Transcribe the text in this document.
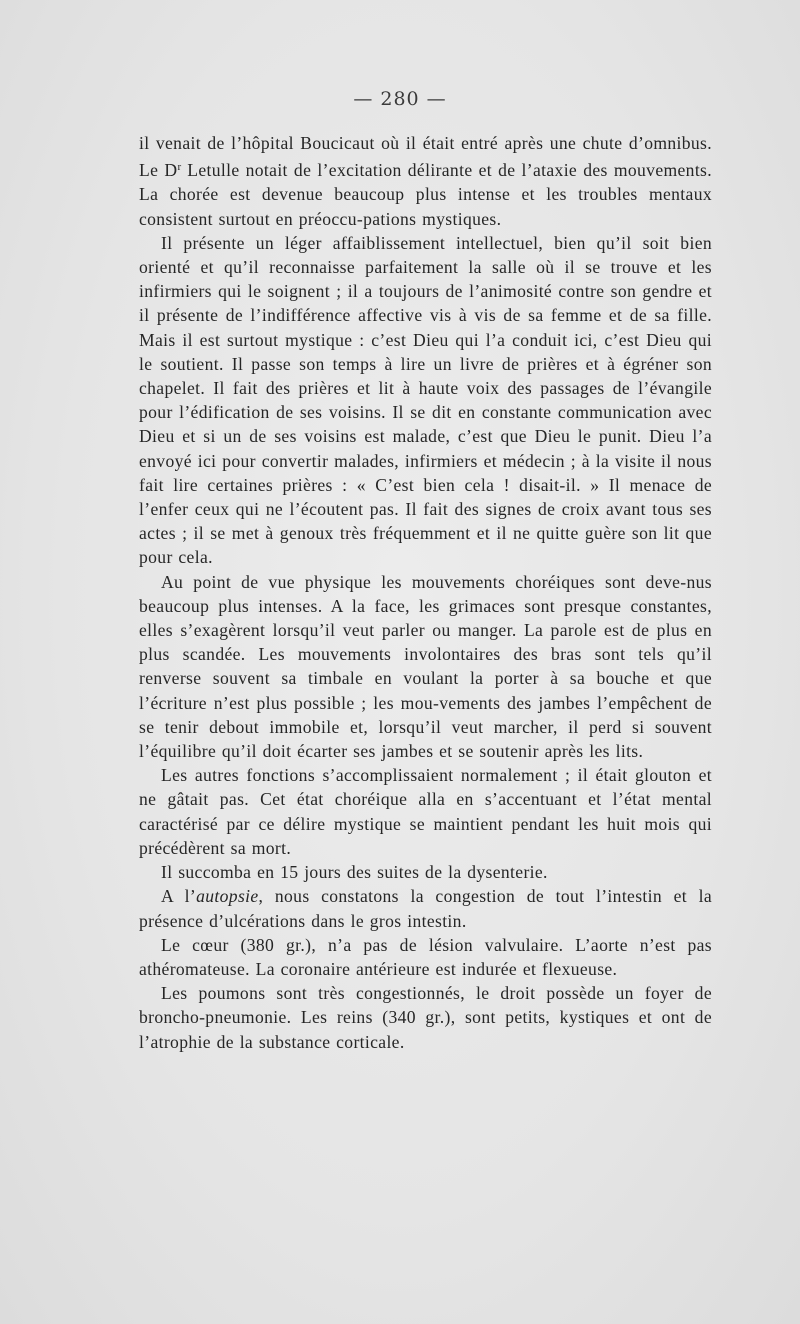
— 280 —

il venait de l’hôpital Boucicaut où il était entré après une chute d’omnibus. Le $D^r$ Letulle notait de l’excitation délirante et de l’ataxie des mouvements. La chorée est devenue beaucoup plus intense et les troubles mentaux consistent surtout en préoccu-pations mystiques.

Il présente un léger affaiblissement intellectuel, bien qu’il soit bien orienté et qu’il reconnaisse parfaitement la salle où il se trouve et les infirmiers qui le soignent ; il a toujours de l’animosité contre son gendre et il présente de l’indifférence affective vis à vis de sa femme et de sa fille. Mais il est surtout mystique : c’est Dieu qui l’a conduit ici, c’est Dieu qui le soutient. Il passe son temps à lire un livre de prières et à égréner son chapelet. Il fait des prières et lit à haute voix des passages de l’évangile pour l’édification de ses voisins. Il se dit en constante communication avec Dieu et si un de ses voisins est malade, c’est que Dieu le punit. Dieu l’a envoyé ici pour convertir malades, infirmiers et médecin ; à la visite il nous fait lire certaines prières : « C’est bien cela ! disait-il. » Il menace de l’enfer ceux qui ne l’écoutent pas. Il fait des signes de croix avant tous ses actes ; il se met à genoux très fréquemment et il ne quitte guère son lit que pour cela.

Au point de vue physique les mouvements choréiques sont deve-nus beaucoup plus intenses. A la face, les grimaces sont presque constantes, elles s’exagèrent lorsqu’il veut parler ou manger. La parole est de plus en plus scandée. Les mouvements involontaires des bras sont tels qu’il renverse souvent sa timbale en voulant la porter à sa bouche et que l’écriture n’est plus possible ; les mou-vements des jambes l’empêchent de se tenir debout immobile et, lorsqu’il veut marcher, il perd si souvent l’équilibre qu’il doit écarter ses jambes et se soutenir après les lits.

Les autres fonctions s’accomplissaient normalement ; il était glouton et ne gâtait pas. Cet état choréique alla en s’accentuant et l’état mental caractérisé par ce délire mystique se maintient pendant les huit mois qui précédèrent sa mort.

Il succomba en 15 jours des suites de la dysenterie.

A l’autopsie, nous constatons la congestion de tout l’intestin et la présence d’ulcérations dans le gros intestin.

Le cœur (380 gr.), n’a pas de lésion valvulaire. L’aorte n’est pas athéromateuse. La coronaire antérieure est indurée et flexueuse.

Les poumons sont très congestionnés, le droit possède un foyer de broncho-pneumonie. Les reins (340 gr.), sont petits, kystiques et ont de l’atrophie de la substance corticale.
